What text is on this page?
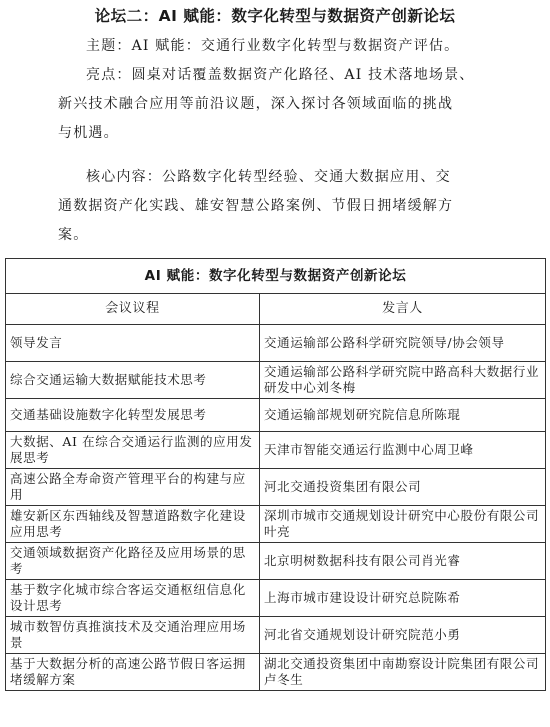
论坛二：AI 赋能：数字化转型与数据资产创新论坛

主题：AI 赋能：交通行业数字化转型与数据资产评估。

亮点：圆桌对话覆盖数据资产化路径、AI 技术落地场景、
新兴技术融合应用等前沿议题，深入探讨各领域面临的挑战
与机遇。

核心内容：公路数字化转型经验、交通大数据应用、交
通数据资产化实践、雄安智慧公路案例、节假日拥堵缓解方
案。

AI 赋能：数字化转型与数据资产创新论坛	
会议议程	发言人
领导发言	交通运输部公路科学研究院领导/协会领导
综合交通运输大数据赋能技术思考	交通运输部公路科学研究院中路高科大数据行业研发中心刘冬梅
交通基础设施数字化转型发展思考	交通运输部规划研究院信息所陈琨
大数据、AI 在综合交通运行监测的应用发展思考	天津市智能交通运行监测中心周卫峰
高速公路全寿命资产管理平台的构建与应用	河北交通投资集团有限公司
雄安新区东西轴线及智慧道路数字化建设应用思考	深圳市城市交通规划设计研究中心股份有限公司叶亮
交通领域数据资产化路径及应用场景的思考	北京明树数据科技有限公司肖光睿
基于数字化城市综合客运交通枢纽信息化设计思考	上海市城市建设设计研究总院陈希
城市数智仿真推演技术及交通治理应用场景	河北省交通规划设计研究院范小勇
基于大数据分析的高速公路节假日客运拥堵缓解方案	湖北交通投资集团中南勘察设计院集团有限公司卢冬生
